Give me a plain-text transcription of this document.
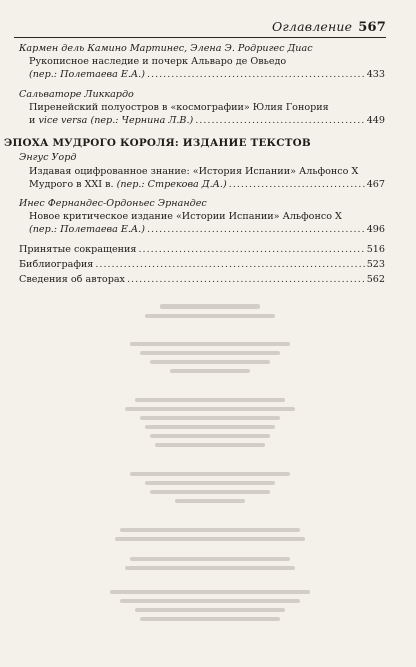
Оглавление 567
Кармен дель Камино Мартинес, Элена Э. Родригес Диас
Рукописное наследие и почерк Альваро де Овьедо
(пер.: Полетаева Е.А.) .....	433
Сальваторе Ликкардо
Пиренейский полуостров в «космографии» Юлия Гонория
и vice versa (пер.: Чернина Л.В.) .....	449
ЭПОХА МУДРОГО КОРОЛЯ: ИЗДАНИЕ ТЕКСТОВ
Энгус Уорд
Издавая оцифрованное знание: «История Испании» Альфонсо Х
Мудрого в XXI в. (пер.: Стрекова Д.А.) .....	467
Инес Фернандес-Ордоньес Эрнандес
Новое критическое издание «Истории Испании» Альфонсо Х
(пер.: Полетаева Е.А.) .....	496
Принятые сокращения .....	516
Библиография .....	523
Сведения об авторах .....	562
